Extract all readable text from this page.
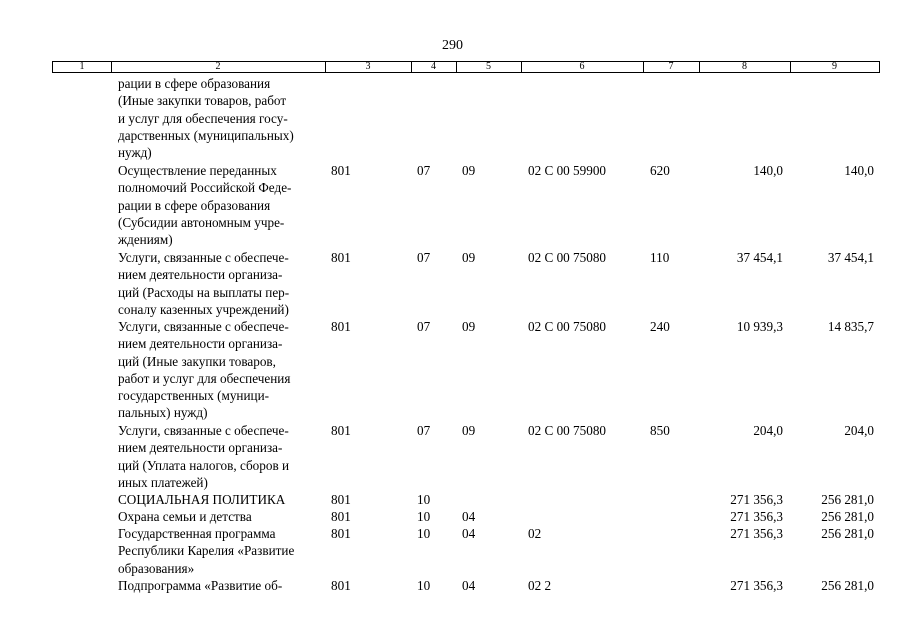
290
1	2	3	4	5	6	7	8	9
рации в сфере образования
(Иные закупки товаров, работ
и услуг для обеспечения госу-
дарственных (муниципальных)
нужд)
Осуществление переданных
полномочий Российской Феде-
рации в сфере образования
(Субсидии автономным учре-
ждениям)
801	07 09	02 С 00 59900	620	140,0	140,0
Услуги, связанные с обеспече-
нием деятельности организа-
ций (Расходы на выплаты пер-
соналу казенных учреждений)
801	07 09	02 С 00 75080	110	37 454,1	37 454,1
Услуги, связанные с обеспече-
нием деятельности организа-
ций (Иные закупки товаров,
работ и услуг для обеспечения
государственных (муници-
пальных) нужд)
801	07 09	02 С 00 75080	240	10 939,3	14 835,7
Услуги, связанные с обеспече-
нием деятельности организа-
ций (Уплата налогов, сборов и
иных платежей)
801	07 09	02 С 00 75080	850	204,0	204,0
СОЦИАЛЬНАЯ ПОЛИТИКА	801	10	271 356,3	256 281,0
Охрана семьи и детства	801	10 04	271 356,3	256 281,0
Государственная программа
Республики Карелия «Развитие
образования»
801	10 04	02	271 356,3	256 281,0
Подпрограмма «Развитие об-	801	10 04	02 2	271 356,3	256 281,0
